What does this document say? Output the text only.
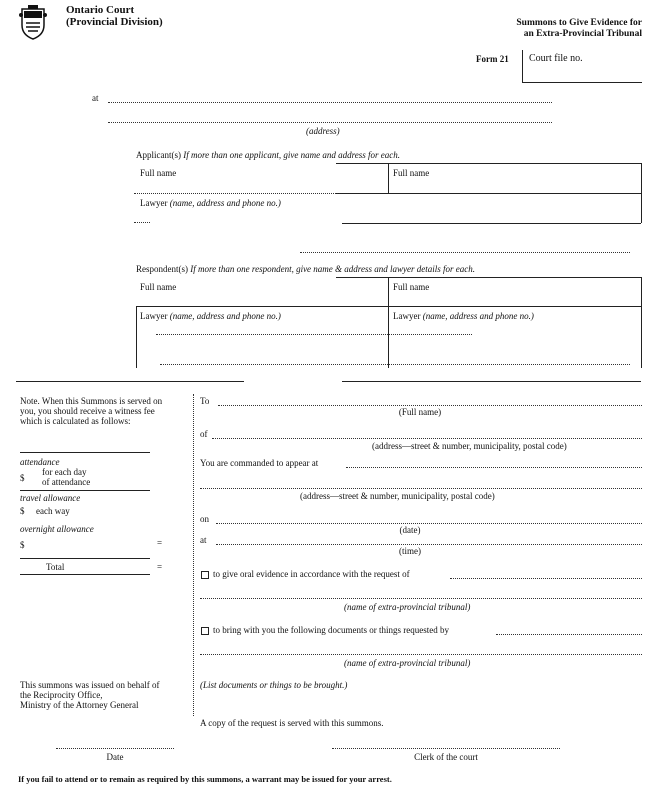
Ontario Court
(Provincial Division)	Summons to Give Evidence for
an Extra-Provincial Tribunal
Form 21 Court file no.
at
(address)
Applicant(s) If more than one applicant, give name and address for each.
Full name	Full name
Lawyer (name, address and phone no.)
Respondent(s) If more than one respondent, give name & address and lawyer details for each.
Full name	Full name
Lawyer (name, address and phone no.)	Lawyer (name, address and phone no.)
Note. When this Summons is served on
you, you should receive a witness fee
which is calculated as follows:
attendance
$
for each day
of attendance
travel allowance
$ each way
overnight allowance
$	=
Total	=
To
(Full name)
of
(address—street & number, municipality, postal code)
You are commanded to appear at
(address—street & number, municipality, postal code)
on
(date)
at
(time)
to give oral evidence in accordance with the request of
(name of extra-provincial tribunal)
to bring with you the following documents or things requested by
(name of extra-provincial tribunal)
(List documents or things to be brought.)
A copy of the request is served with this summons.
This summons was issued on behalf of
the Reciprocity Office,
Ministry of the Attorney General
Date	Clerk of the court
If you fail to attend or to remain as required by this summons, a warrant may be issued for your arrest.
